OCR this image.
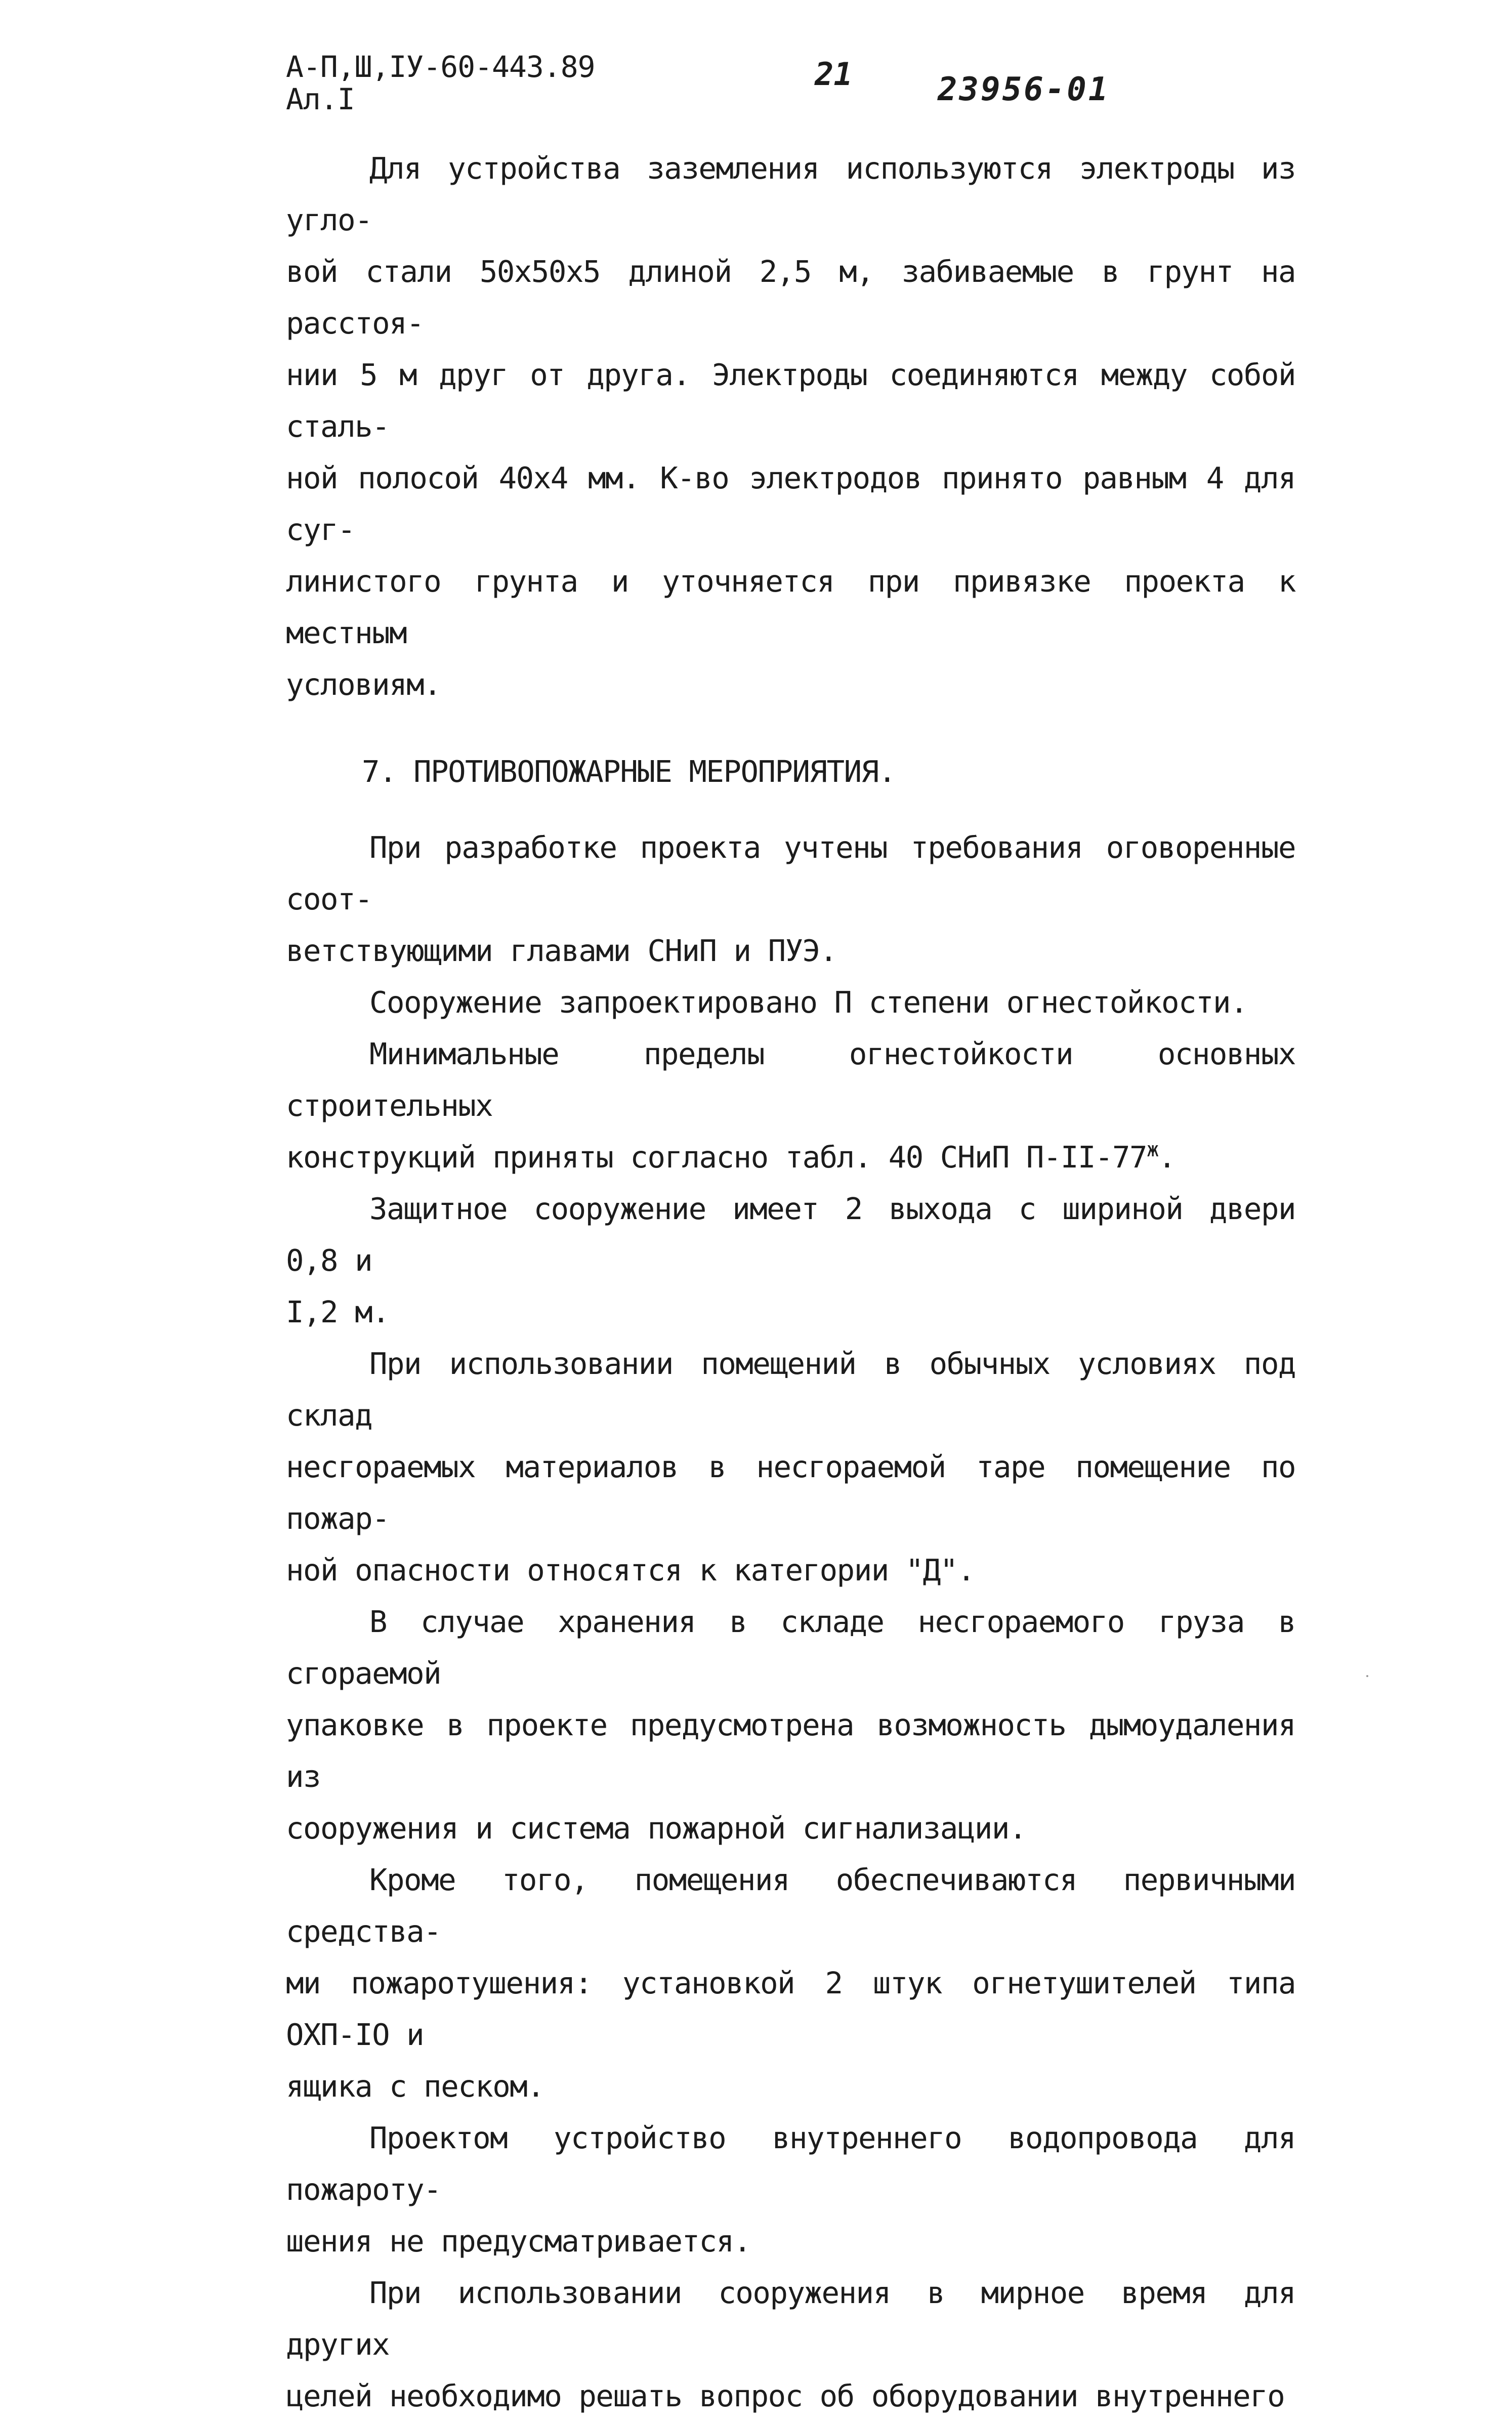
А-П,Ш,IУ-60-443.89
Ал.I
21	23956-01

Для устройства заземления используются электроды из угло-
вой стали 50х50х5 длиной 2,5 м, забиваемые в грунт на расстоя-
нии 5 м друг от друга. Электроды соединяются между собой сталь-
ной полосой 40х4 мм. К-во электродов принято равным 4 для суг-
линистого грунта и уточняется при привязке проекта к местным
условиям.

7. ПРОТИВОПОЖАРНЫЕ МЕРОПРИЯТИЯ.

При разработке проекта учтены требования оговоренные соот-
ветствующими главами СНиП и ПУЭ.

Сооружение запроектировано П степени огнестойкости.

Минимальные пределы огнестойкости основных строительных
конструкций приняты согласно табл. 40 СНиП $П-II-77^ж$.

Защитное сооружение имеет 2 выхода с шириной двери 0,8 и
I,2 м.

При использовании помещений в обычных условиях под склад
несгораемых материалов в несгораемой таре помещение по пожар-
ной опасности относятся к категории "Д".

В случае хранения в складе несгораемого груза в сгораемой
упаковке в проекте предусмотрена возможность дымоудаления из
сооружения и система пожарной сигнализации.

Кроме того, помещения обеспечиваются первичными средства-
ми пожаротушения: установкой 2 штук огнетушителей типа ОХП-IО и
ящика с песком.

Проектом устройство внутреннего водопровода для пожароту-
шения не предусматривается.

При использовании сооружения в мирное время для других
целей необходимо решать вопрос об оборудовании внутреннего
